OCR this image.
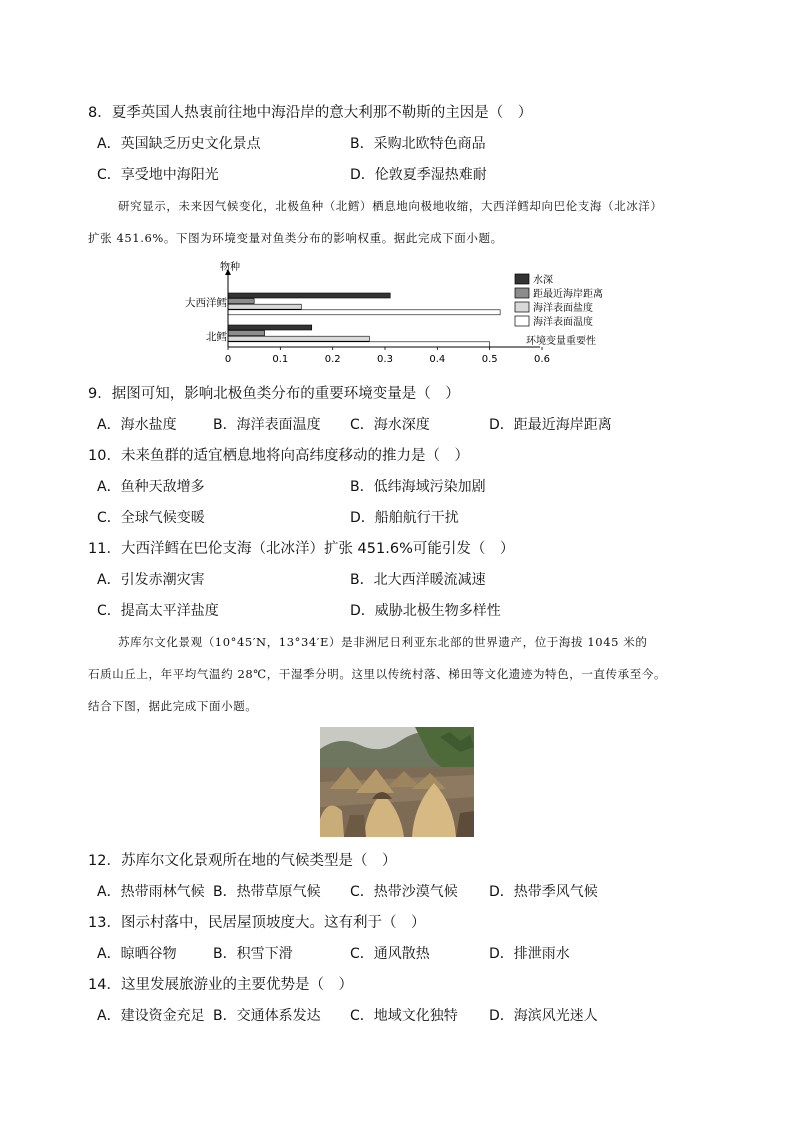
8．夏季英国人热衷前往地中海沿岸的意大利那不勒斯的主因是（　）
A．英国缺乏历史文化景点	B．采购北欧特色商品
C．享受地中海阳光	D．伦敦夏季湿热难耐
研究显示，未来因气候变化，北极鱼种（北鳕）栖息地向极地收缩，大西洋鳕却向巴伦支海（北冰洋）
扩张 451.6%。下图为环境变量对鱼类分布的影响权重。据此完成下面小题。
物种
环境变量重要性
大西洋鳕
北鳕
0	0.1	0.2	0.3	0.4	0.5	0.6
水深
距最近海岸距离
海洋表面盐度
海洋表面温度
9．据图可知，影响北极鱼类分布的重要环境变量是（　）
A．海水盐度	B．海洋表面温度 C．海水深度	D．距最近海岸距离
10．未来鱼群的适宜栖息地将向高纬度移动的推力是（　）
A．鱼种天敌增多	B．低纬海域污染加剧
C．全球气候变暖	D．船舶航行干扰
11．大西洋鳕在巴伦支海（北冰洋）扩张 451.6%可能引发（　）
A．引发赤潮灾害	B．北大西洋暖流减速
C．提高太平洋盐度	D．威胁北极生物多样性
苏库尔文化景观（10°45′N，13°34′E）是非洲尼日利亚东北部的世界遗产，位于海拔 1045 米的
石质山丘上，年平均气温约 28℃，干湿季分明。这里以传统村落、梯田等文化遗迹为特色，一直传承至今。
结合下图，据此完成下面小题。
12．苏库尔文化景观所在地的气候类型是（　）
A．热带雨林气候 B．热带草原气候 C．热带沙漠气候 D．热带季风气候
13．图示村落中，民居屋顶坡度大。这有利于（　）
A．晾晒谷物	B．积雪下滑	C．通风散热	D．排泄雨水
14．这里发展旅游业的主要优势是（　）
A．建设资金充足 B．交通体系发达 C．地域文化独特 D．海滨风光迷人
